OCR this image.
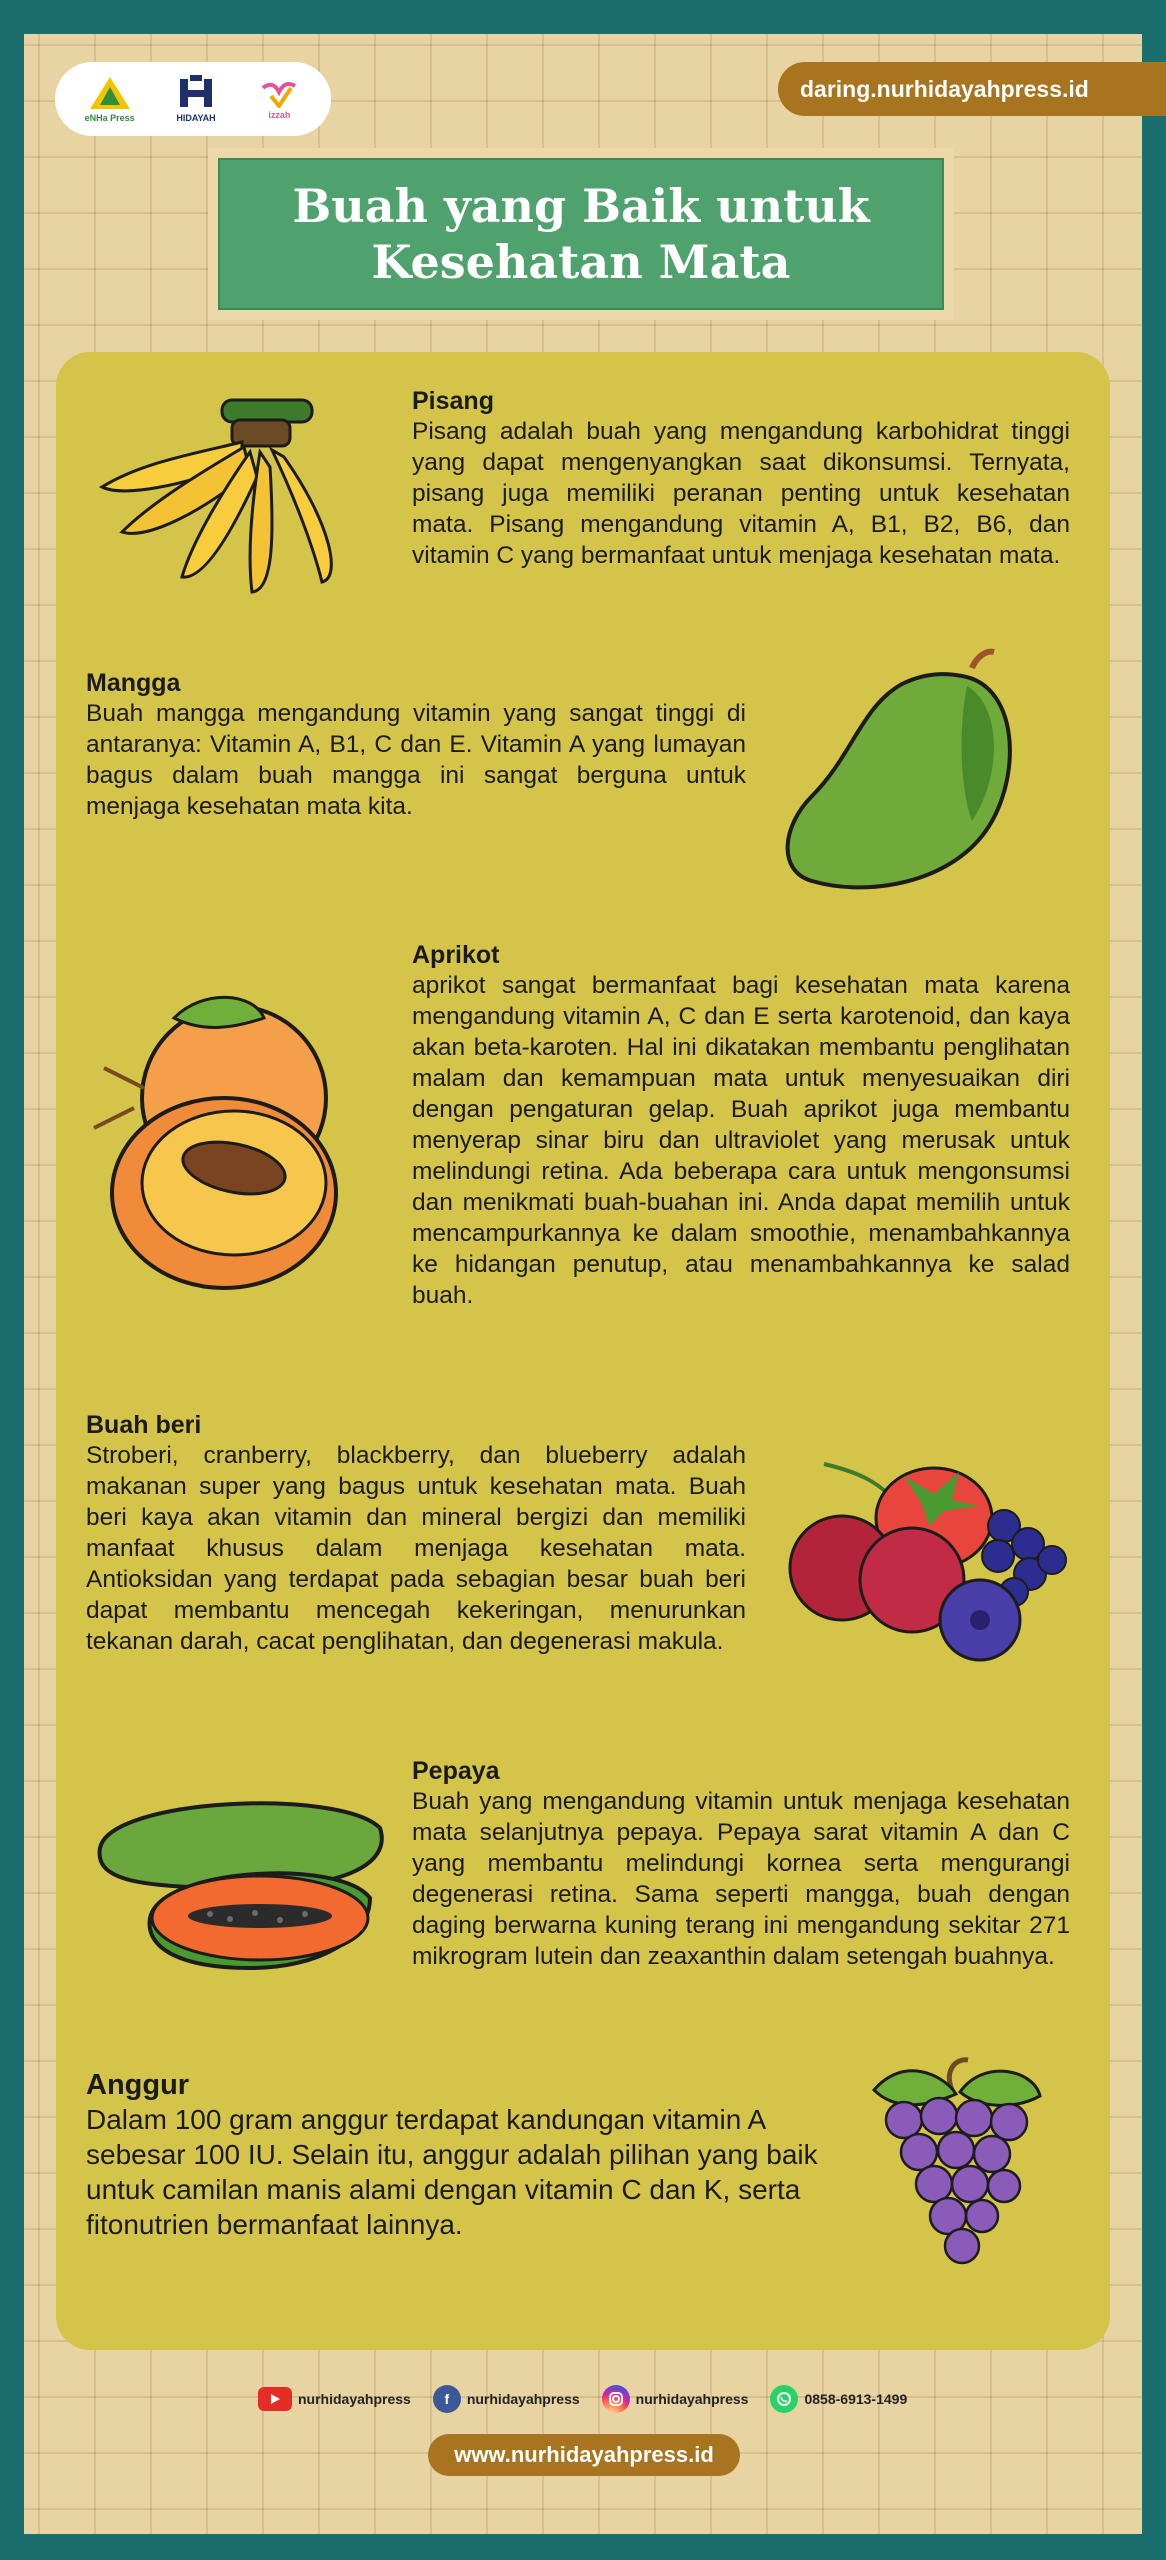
eNHa Press	HIDAYAH	izzah
daring.nurhidayahpress.id
Buah yang Baik untuk Kesehatan Mata
Pisang

Pisang adalah buah yang mengandung karbohidrat tinggi yang dapat mengenyangkan saat dikonsumsi. Ternyata, pisang juga memiliki peranan penting untuk kesehatan mata. Pisang mengandung vitamin A, B1, B2, B6, dan vitamin C yang bermanfaat untuk menjaga kesehatan mata.

Mangga

Buah mangga mengandung vitamin yang sangat tinggi di antaranya: Vitamin A, B1, C dan E. Vitamin A yang lumayan bagus dalam buah mangga ini sangat berguna untuk menjaga kesehatan mata kita.

Aprikot

aprikot sangat bermanfaat bagi kesehatan mata karena mengandung vitamin A, C dan E serta karotenoid, dan kaya akan beta-karoten. Hal ini dikatakan membantu penglihatan malam dan kemampuan mata untuk menyesuaikan diri dengan pengaturan gelap. Buah aprikot juga membantu menyerap sinar biru dan ultraviolet yang merusak untuk melindungi retina. Ada beberapa cara untuk mengonsumsi dan menikmati buah-buahan ini. Anda dapat memilih untuk mencampurkannya ke dalam smoothie, menambahkannya ke hidangan penutup, atau menambahkannya ke salad buah.

Buah beri

Stroberi, cranberry, blackberry, dan blueberry adalah makanan super yang bagus untuk kesehatan mata. Buah beri kaya akan vitamin dan mineral bergizi dan memiliki manfaat khusus dalam menjaga kesehatan mata. Antioksidan yang terdapat pada sebagian besar buah beri dapat membantu mencegah kekeringan, menurunkan tekanan darah, cacat penglihatan, dan degenerasi makula.

Pepaya

Buah yang mengandung vitamin untuk menjaga kesehatan mata selanjutnya pepaya. Pepaya sarat vitamin A dan C yang membantu melindungi kornea serta mengurangi degenerasi retina. Sama seperti mangga, buah dengan daging berwarna kuning terang ini mengandung sekitar 271 mikrogram lutein dan zeaxanthin dalam setengah buahnya.

Anggur

Dalam 100 gram anggur terdapat kandungan vitamin A sebesar 100 IU. Selain itu, anggur adalah pilihan yang baik untuk camilan manis alami dengan vitamin C dan K, serta fitonutrien bermanfaat lainnya.

nurhidayahpress	f	nurhidayahpress	nurhidayahpress	0858-6913-1499
www.nurhidayahpress.id
